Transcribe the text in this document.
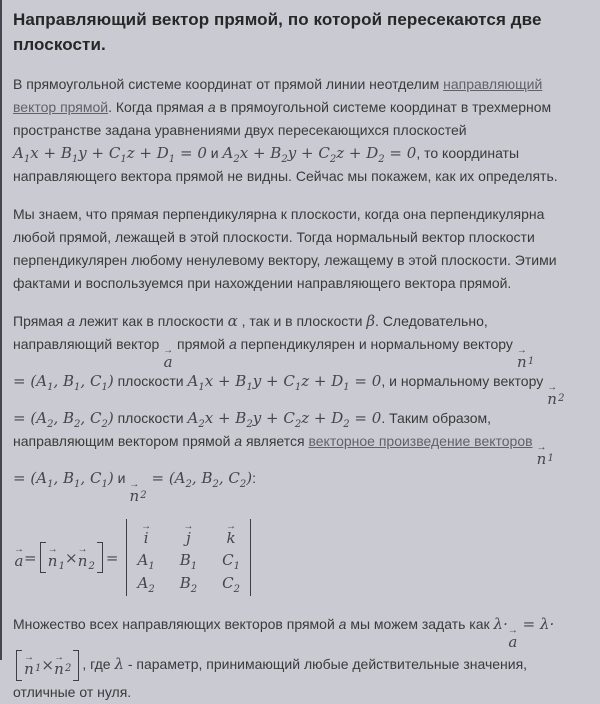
Направляющий вектор прямой, по которой пересекаются две плоскости.

В прямоугольной системе координат от прямой линии неотделим направляющий вектор прямой. Когда прямая а в прямоугольной системе координат в трехмерном пространстве задана уравнениями двух пересекающихся плоскостей $A_1x + B_1y + C_1z + D_1 = 0$ и $A_2x + B_2y + C_2z + D_2 = 0$, то координаты направляющего вектора прямой не видны. Сейчас мы покажем, как их определять.

Мы знаем, что прямая перпендикулярна к плоскости, когда она перпендикулярна любой прямой, лежащей в этой плоскости. Тогда нормальный вектор плоскости перпендикулярен любому ненулевому вектору, лежащему в этой плоскости. Этими фактами и воспользуемся при нахождении направляющего вектора прямой.

Прямая а лежит как в плоскости α , так и в плоскости β. Следовательно, направляющий вектор →
a
прямой а перпендикулярен и нормальному вектору →
n 1
= ($A_1$, $B_1$, $C_1$) плоскости $A_1x + B_1y + C_1z + D_1 = 0$, и нормальному вектору →
n 2
= ($A_2$, $B_2$, $C_2$) плоскости $A_2x + B_2y + C_2z + D_2 = 0$. Таким образом, направляющим вектором прямой а является векторное произведение векторов →
n 1
= ($A_1$, $B_1$, $C_1$) и →
n 2
= ($A_2$, $B_2$, $C_2$):

→
a = →
n 1 × →
n 2 =
→
i
→
j
→
k
$A_1$ $B_1$ $C_1$
$A_2$ $B_2$ $C_2$

Множество всех направляющих векторов прямой а мы можем задать как λ· →
a
= λ·
→
n 1 × →
n 2 , где λ - параметр, принимающий любые действительные значения, отличные от нуля.
